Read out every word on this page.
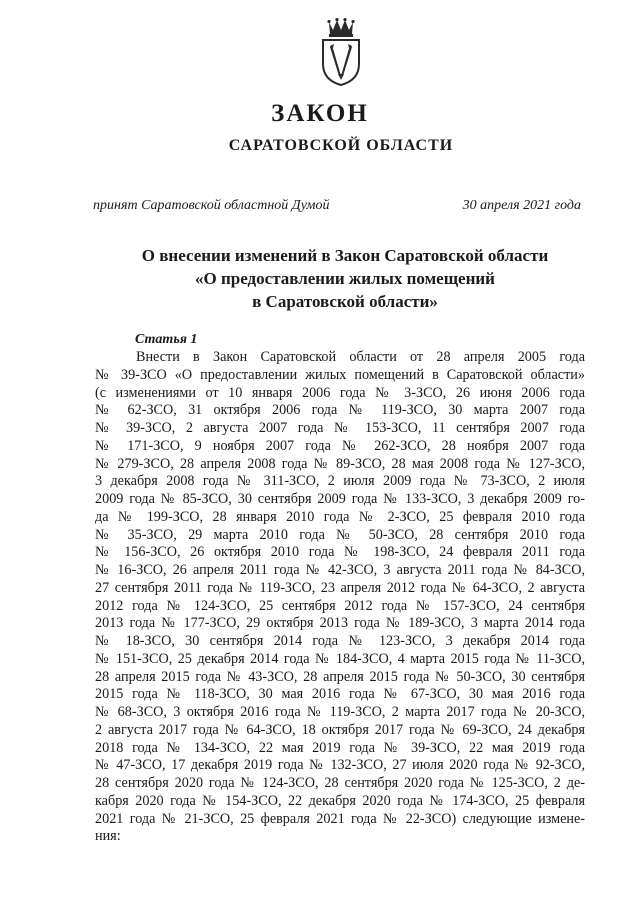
ЗАКОН
САРАТОВСКОЙ ОБЛАСТИ
принят Саратовской областной Думой	30 апреля 2021 года
О внесении изменений в Закон Саратовской области
«О предоставлении жилых помещений
в Саратовской области»
Статья 1
Внести в Закон Саратовской области от 28 апреля 2005 года
№ 39-ЗСО «О предоставлении жилых помещений в Саратовской области»
(с изменениями от 10 января 2006 года № 3-ЗСО, 26 июня 2006 года
№ 62-ЗСО, 31 октября 2006 года № 119-ЗСО, 30 марта 2007 года
№ 39-ЗСО, 2 августа 2007 года № 153-ЗСО, 11 сентября 2007 года
№ 171-ЗСО, 9 ноября 2007 года № 262-ЗСО, 28 ноября 2007 года
№ 279-ЗСО, 28 апреля 2008 года № 89-ЗСО, 28 мая 2008 года № 127-ЗСО,
3 декабря 2008 года № 311-ЗСО, 2 июля 2009 года № 73-ЗСО, 2 июля
2009 года № 85-ЗСО, 30 сентября 2009 года № 133-ЗСО, 3 декабря 2009 го-
да № 199-ЗСО, 28 января 2010 года № 2-ЗСО, 25 февраля 2010 года
№ 35-ЗСО, 29 марта 2010 года № 50-ЗСО, 28 сентября 2010 года
№ 156-ЗСО, 26 октября 2010 года № 198-ЗСО, 24 февраля 2011 года
№ 16-ЗСО, 26 апреля 2011 года № 42-ЗСО, 3 августа 2011 года № 84-ЗСО,
27 сентября 2011 года № 119-ЗСО, 23 апреля 2012 года № 64-ЗСО, 2 августа
2012 года № 124-ЗСО, 25 сентября 2012 года № 157-ЗСО, 24 сентября
2013 года № 177-ЗСО, 29 октября 2013 года № 189-ЗСО, 3 марта 2014 года
№ 18-ЗСО, 30 сентября 2014 года № 123-ЗСО, 3 декабря 2014 года
№ 151-ЗСО, 25 декабря 2014 года № 184-ЗСО, 4 марта 2015 года № 11-ЗСО,
28 апреля 2015 года № 43-ЗСО, 28 апреля 2015 года № 50-ЗСО, 30 сентября
2015 года № 118-ЗСО, 30 мая 2016 года № 67-ЗСО, 30 мая 2016 года
№ 68-ЗСО, 3 октября 2016 года № 119-ЗСО, 2 марта 2017 года № 20-ЗСО,
2 августа 2017 года № 64-ЗСО, 18 октября 2017 года № 69-ЗСО, 24 декабря
2018 года № 134-ЗСО, 22 мая 2019 года № 39-ЗСО, 22 мая 2019 года
№ 47-ЗСО, 17 декабря 2019 года № 132-ЗСО, 27 июля 2020 года № 92-ЗСО,
28 сентября 2020 года № 124-ЗСО, 28 сентября 2020 года № 125-ЗСО, 2 де-
кабря 2020 года № 154-ЗСО, 22 декабря 2020 года № 174-ЗСО, 25 февраля
2021 года № 21-ЗСО, 25 февраля 2021 года № 22-ЗСО) следующие измене-
ния:
